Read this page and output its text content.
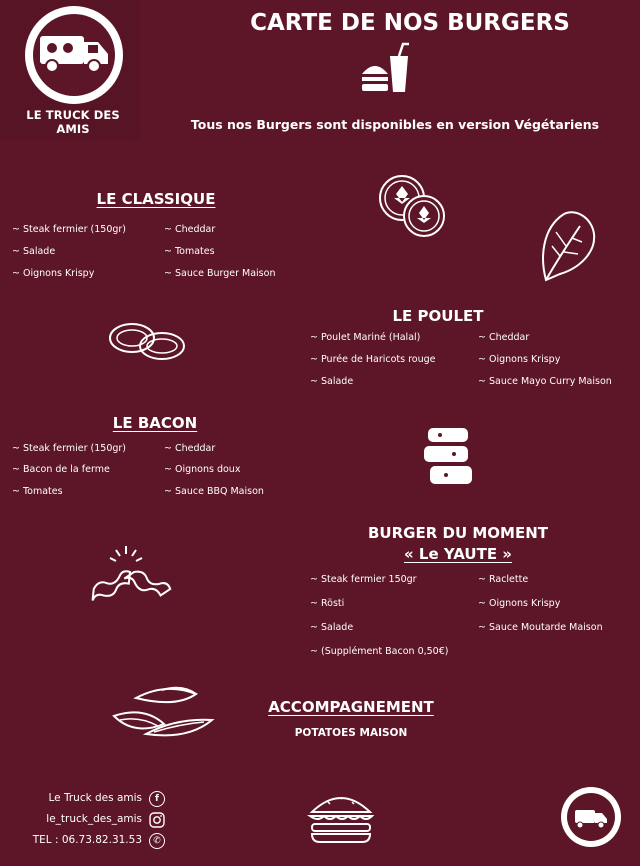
LE TRUCK DES AMIS
CARTE DE NOS BURGERS
Tous nos Burgers sont disponibles en version Végétariens
LE CLASSIQUE
~ Steak fermier (150gr)
~ Salade
~ Oignons Krispy
~ Cheddar
~ Tomates
~ Sauce Burger Maison
LE POULET
~ Poulet Mariné (Halal)
~ Purée de Haricots rouge
~ Salade
~ Cheddar
~ Oignons Krispy
~ Sauce Mayo Curry Maison
LE BACON
~ Steak fermier (150gr)
~ Bacon de la ferme
~ Tomates
~ Cheddar
~ Oignons doux
~ Sauce BBQ Maison
BURGER DU MOMENT
« Le YAUTE »
~ Steak fermier 150gr
~ Rösti
~ Salade
~ (Supplément Bacon 0,50€)
~ Raclette
~ Oignons Krispy
~ Sauce Moutarde Maison
ACCOMPAGNEMENT
POTATOES MAISON
Le Truck des amis	f
le_truck_des_amis
TEL : 06.73.82.31.53	✆
